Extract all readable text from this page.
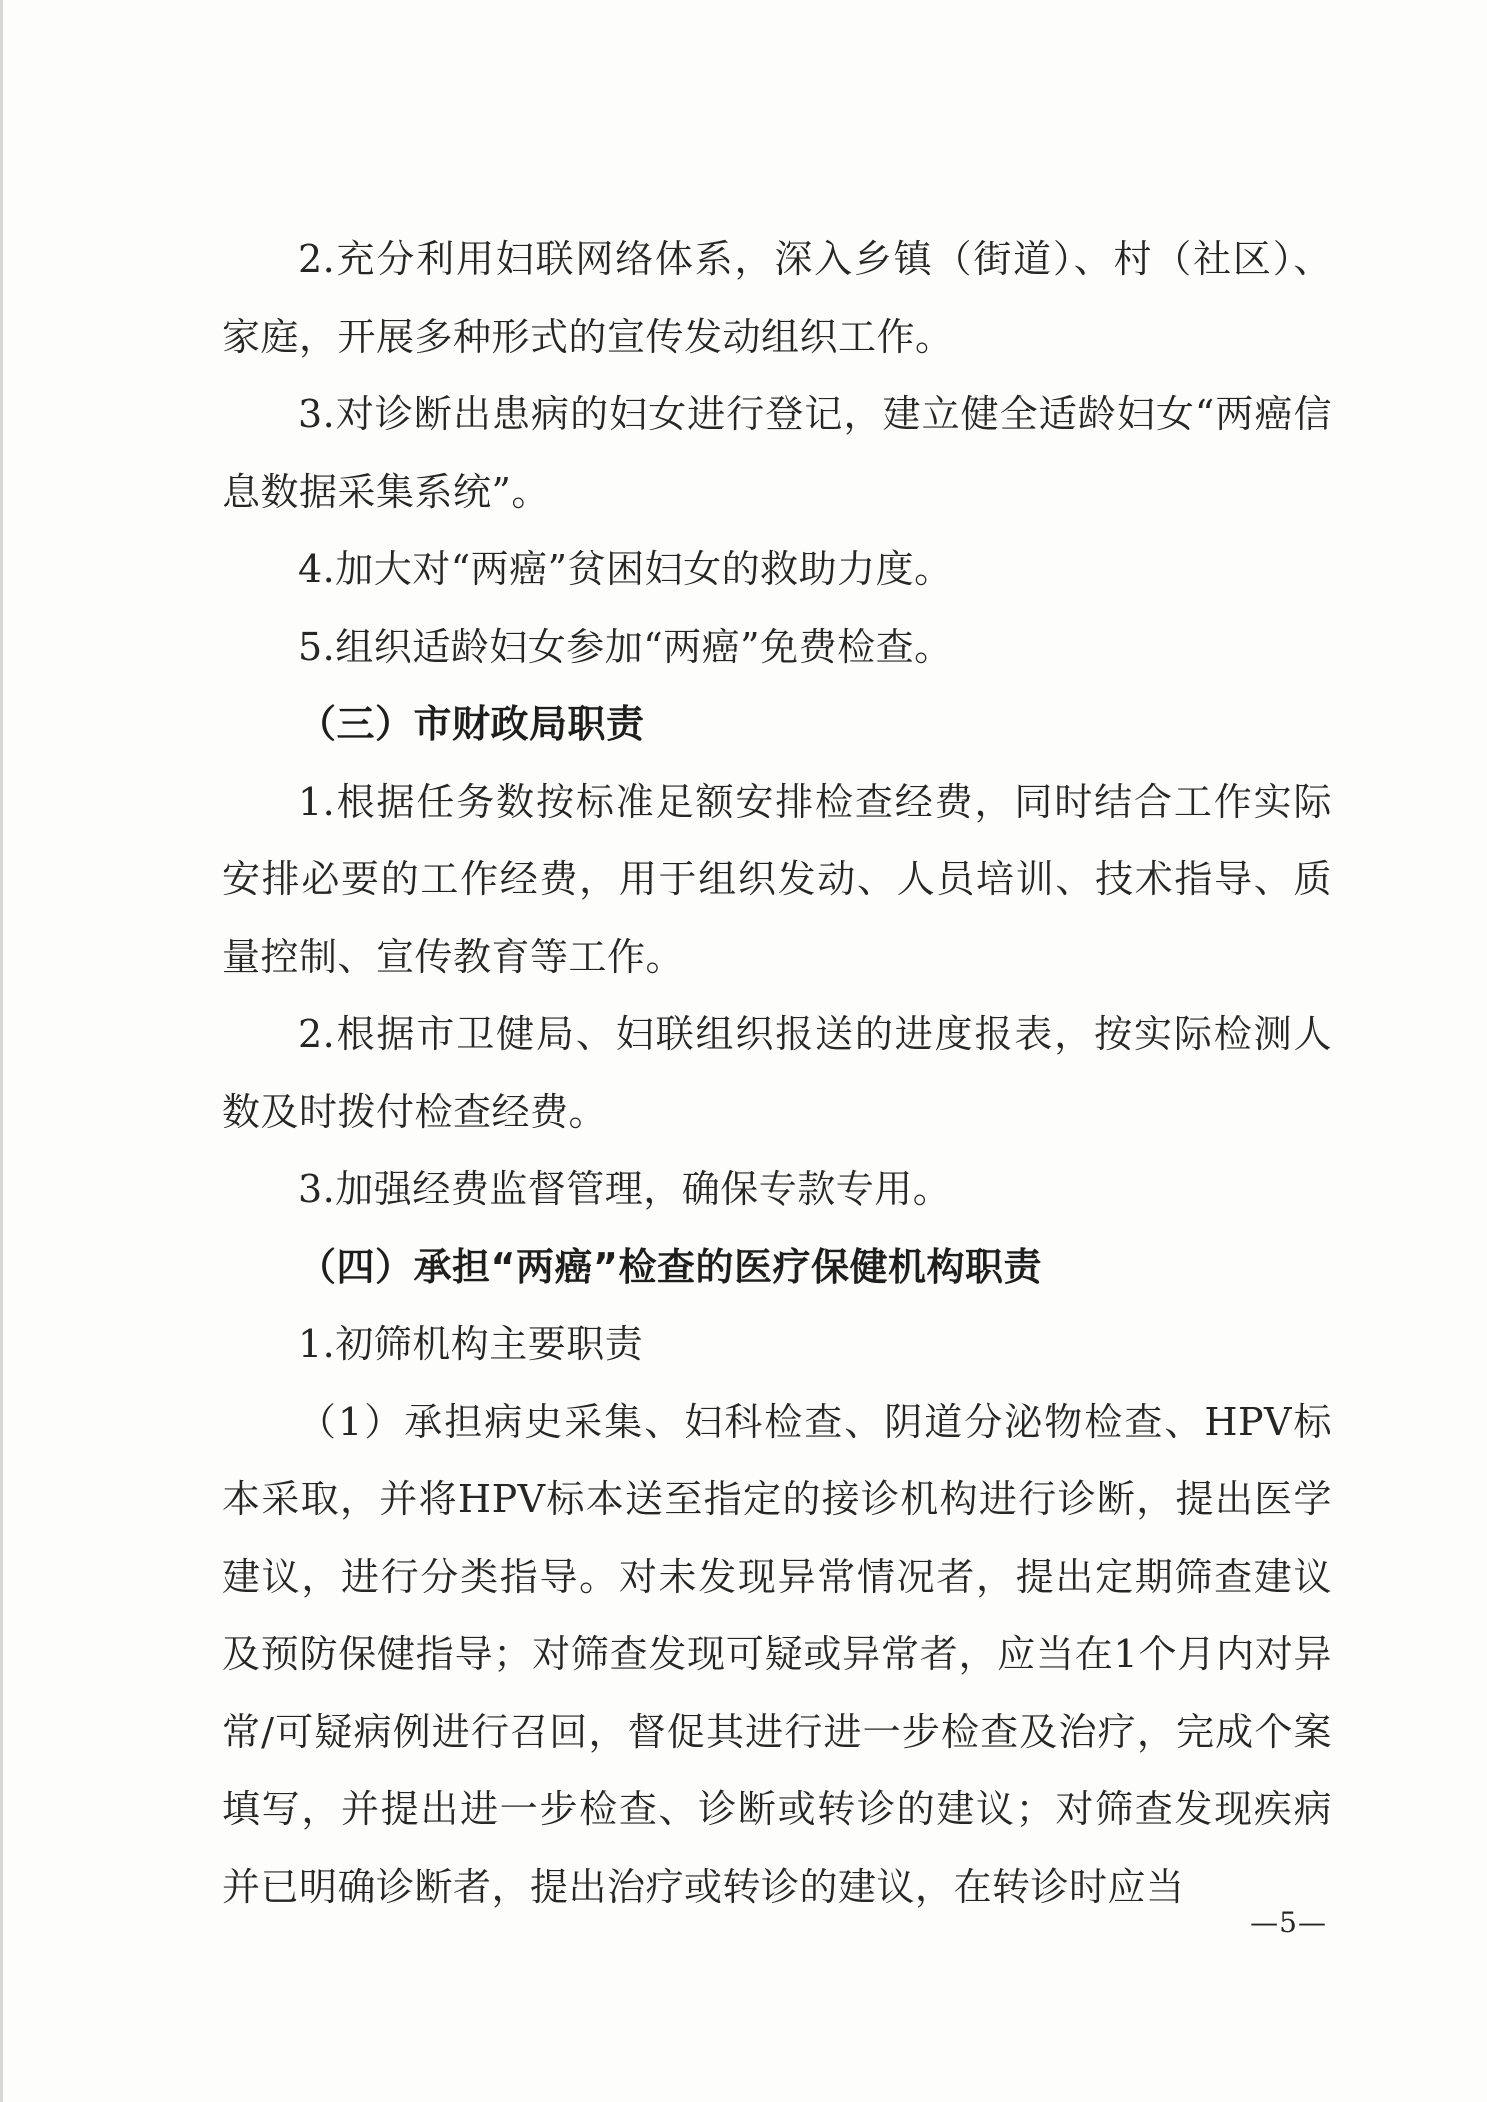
2.充分利用妇联网络体系，深入乡镇（街道）、村（社区）、家庭，开展多种形式的宣传发动组织工作。

3.对诊断出患病的妇女进行登记，建立健全适龄妇女“两癌信息数据采集系统”。

4.加大对“两癌”贫困妇女的救助力度。

5.组织适龄妇女参加“两癌”免费检查。

（三）市财政局职责

1.根据任务数按标准足额安排检查经费，同时结合工作实际安排必要的工作经费，用于组织发动、人员培训、技术指导、质量控制、宣传教育等工作。

2.根据市卫健局、妇联组织报送的进度报表，按实际检测人数及时拨付检查经费。

3.加强经费监督管理，确保专款专用。

（四）承担“两癌”检查的医疗保健机构职责

1.初筛机构主要职责

（1）承担病史采集、妇科检查、阴道分泌物检查、HPV标本采取，并将HPV标本送至指定的接诊机构进行诊断，提出医学建议，进行分类指导。对未发现异常情况者，提出定期筛查建议及预防保健指导；对筛查发现可疑或异常者，应当在1个月内对异常/可疑病例进行召回，督促其进行进一步检查及治疗，完成个案填写，并提出进一步检查、诊断或转诊的建议；对筛查发现疾病并已明确诊断者，提出治疗或转诊的建议，在转诊时应当

—5—
